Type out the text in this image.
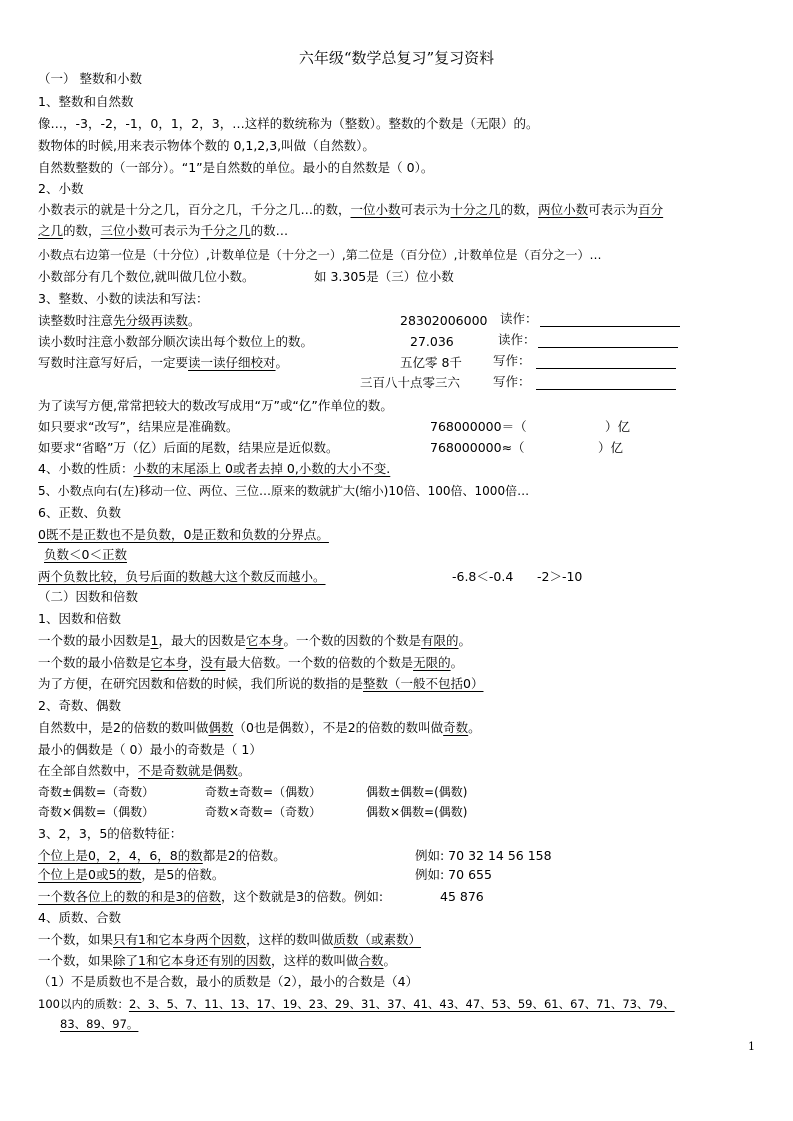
六年级“数学总复习”复习资料
（一） 整数和小数
1、整数和自然数
像…，-3，-2，-1，0，1，2，3，…这样的数统称为（整数）。整数的个数是（无限）的。
数物体的时候,用来表示物体个数的 0,1,2,3,叫做（自然数）。
自然数整数的（一部分）。“1”是自然数的单位。最小的自然数是（ 0）。
2、小数
小数表示的就是十分之几，百分之几，千分之几…的数，一位小数可表示为十分之几的数，两位小数可表示为百分
之几的数，三位小数可表示为千分之几的数…
小数点右边第一位是（十分位）,计数单位是（十分之一）,第二位是（百分位）,计数单位是（百分之一）…
小数部分有几个数位,就叫做几位小数。	如 3.305是（三）位小数
3、整数、小数的读法和写法：
读整数时注意先分级再读数。	28302006000 读作：
读小数时注意小数部分顺次读出每个数位上的数。	27.036	读作：
写数时注意写好后，一定要读一读仔细校对。	五亿零 8千 写作：
三百八十点零三六	写作：
为了读写方便,常常把较大的数改写成用“万”或“亿”作单位的数。
如只要求“改写”，结果应是准确数。	768000000＝（	）亿
如要求“省略”万（亿）后面的尾数，结果应是近似数。	768000000≈（	）亿
4、小数的性质：小数的末尾添上 0或者去掉 0,小数的大小不变.
5、小数点向右(左)移动一位、两位、三位…原来的数就扩大(缩小)10倍、100倍、1000倍…
6、正数、负数
0既不是正数也不是负数，0是正数和负数的分界点。
负数＜0＜正数
两个负数比较，负号后面的数越大这个数反而越小。	-6.8＜-0.4 -2＞-10
（二）因数和倍数
1、因数和倍数
一个数的最小因数是1，最大的因数是它本身。一个数的因数的个数是有限的。
一个数的最小倍数是它本身，没有最大倍数。一个数的倍数的个数是无限的。
为了方便，在研究因数和倍数的时候，我们所说的数指的是整数（一般不包括0）
2、奇数、偶数
自然数中，是2的倍数的数叫做偶数（0也是偶数），不是2的倍数的数叫做奇数。
最小的偶数是（ 0）最小的奇数是（ 1）
在全部自然数中，不是奇数就是偶数。
奇数±偶数=（奇数）	奇数±奇数=（偶数）	偶数±偶数=(偶数)
奇数×偶数=（偶数）	奇数×奇数=（奇数）	偶数×偶数=(偶数)
3、2，3，5的倍数特征：
个位上是0，2，4，6，8的数都是2的倍数。	例如: 70 32 14 56 158
个位上是0或5的数，是5的倍数。	例如: 70 655
一个数各位上的数的和是3的倍数，这个数就是3的倍数。例如:	45 876
4、质数、合数
一个数，如果只有1和它本身两个因数，这样的数叫做质数（或素数）
一个数，如果除了1和它本身还有别的因数，这样的数叫做合数。
（1）不是质数也不是合数，最小的质数是（2），最小的合数是（4）
100以内的质数：2、3、5、7、11、13、17、19、23、29、31、37、41、43、47、53、59、61、67、71、73、79、
83、89、97。
1
